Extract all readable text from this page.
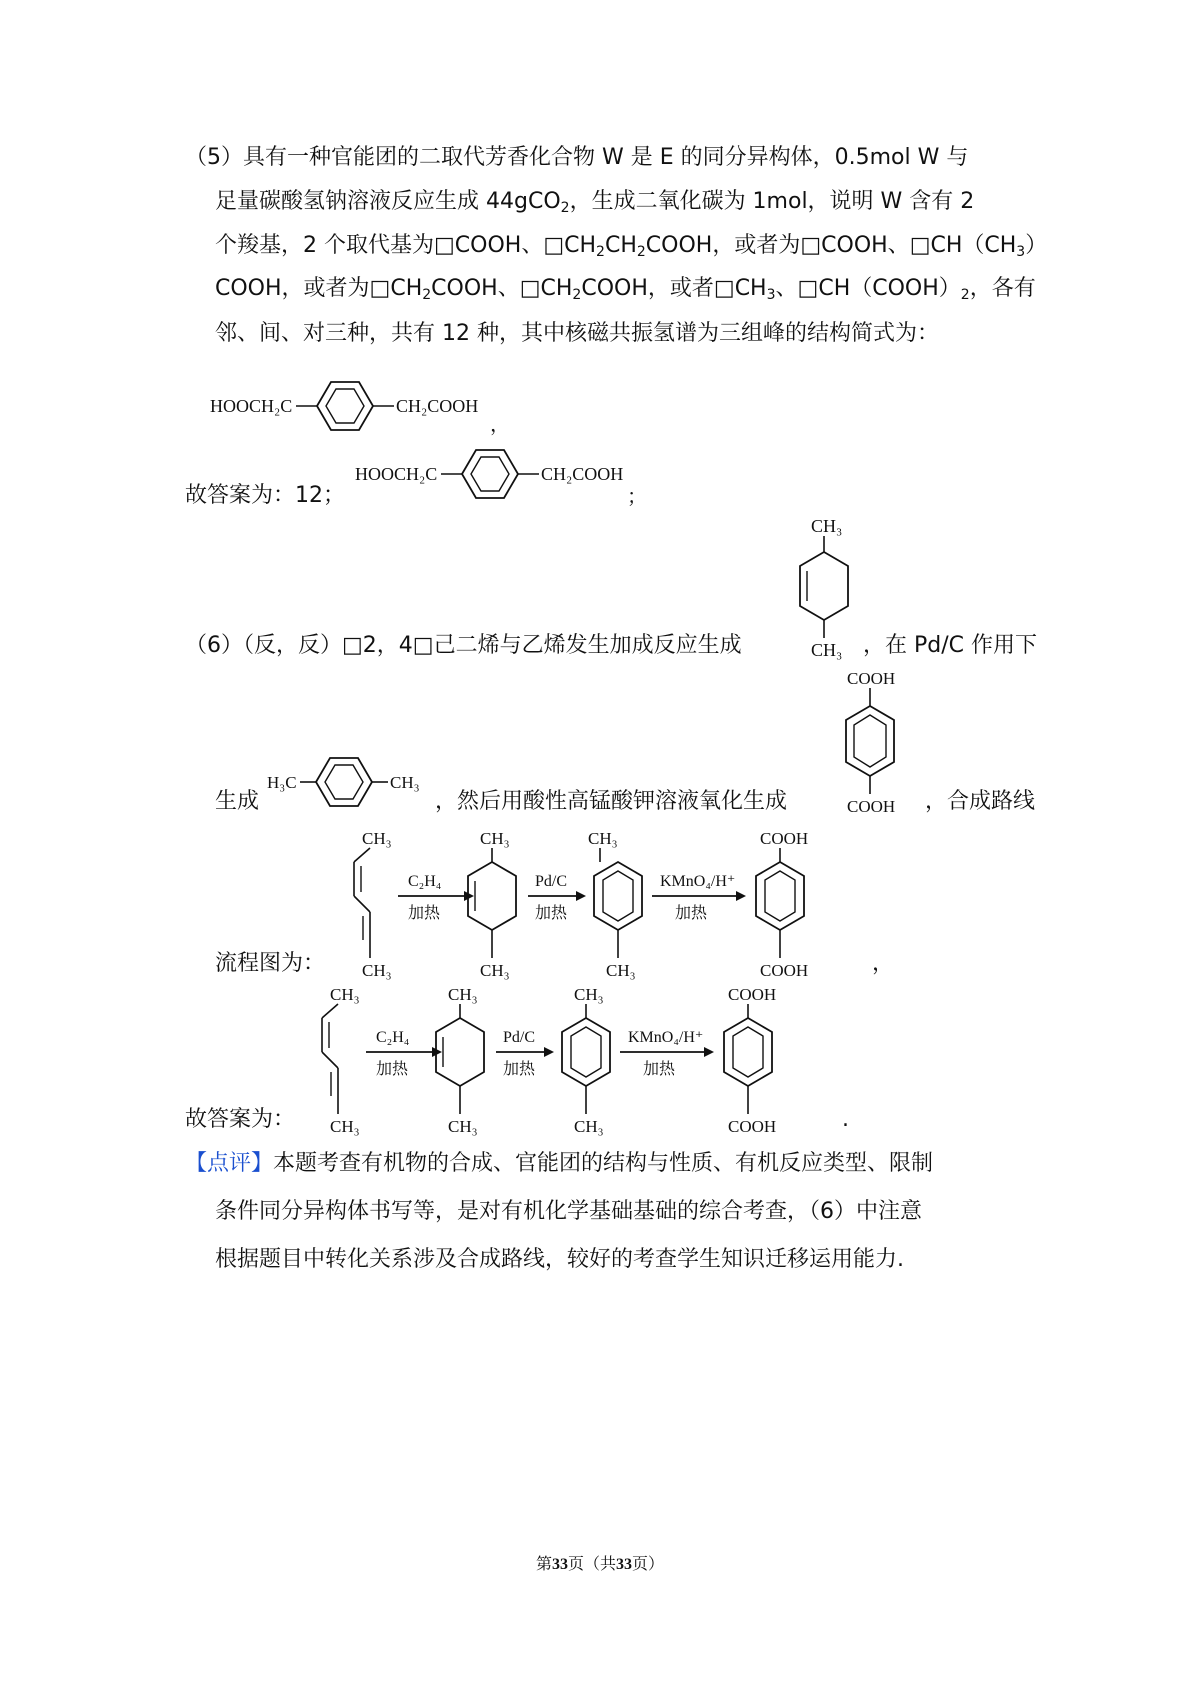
（5）具有一种官能团的二取代芳香化合物 W 是 E 的同分异构体，0.5mol W 与
足量碳酸氢钠溶液反应生成 44gCO$_2$，生成二氧化碳为 1mol，说明 W 含有 2
个羧基，2 个取代基为□COOH、$□CH_2CH_2COOH$，或者为□COOH、$□CH(CH_3)$
COOH，或者为$□CH_2COOH$、$□CH_2COOH$，或者$□CH_3$、$□CH(COOH)_2$，各有
邻、间、对三种，共有 12 种，其中核磁共振氢谱为三组峰的结构简式为：
HOOCH₂C	CH₂COOH
，
故答案为：12；
HOOCH₂C	CH₂COOH
；
（6）（反，反）□2，4□己二烯与乙烯发生加成反应生成
CH₃
CH₃ ，在 Pd/C 作用下
生成
H₃C	CH₃
，然后用酸性高锰酸钾溶液氧化生成
COOH
COOH ，合成路线
流程图为：
CH₃
CH₃
C₂H₄
加热
CH₃
CH₃
Pd/C
加热
CH₃
CH₃
KMnO₄/H⁺
加热
COOH
COOH	，
故答案为：
CH₃
CH₃
C₂H₄
加热
CH₃
CH₃
Pd/C
加热
CH₃
CH₃
KMnO₄/H⁺
加热
COOH
COOH	.
【点评】本题考查有机物的合成、官能团的结构与性质、有机反应类型、限制
条件同分异构体书写等，是对有机化学基础基础的综合考查，（6）中注意
根据题目中转化关系涉及合成路线，较好的考查学生知识迁移运用能力.
第33页（共33页）
